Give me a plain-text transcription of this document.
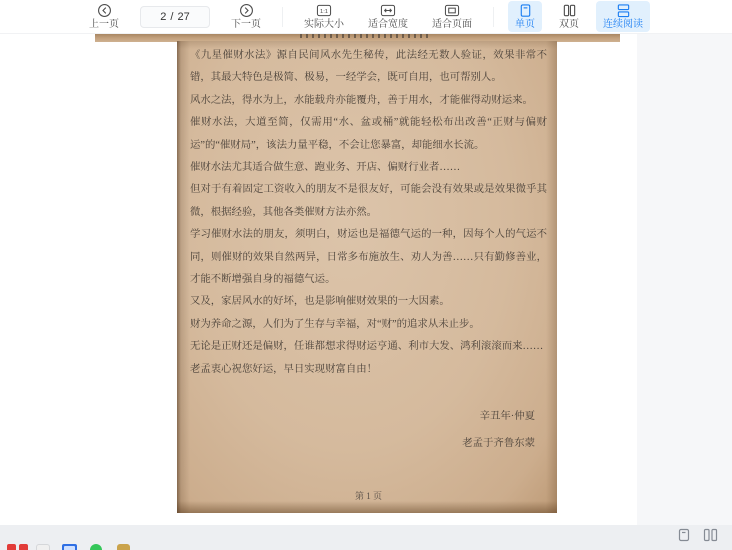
上一页
2 / 27
下一页
1:1
实际大小 适合宽度 适合页面	单页 双页 连续阅读

《九星催财水法》源自民间风水先生秘传，此法经无数人验证，效果非常不错，其最大特色是极简、极易，一经学会，既可自用，也可帮别人。

风水之法，得水为上，水能载舟亦能覆舟，善于用水，才能催得动财运来。

催财水法，大道至简，仅需用“水、盆或桶”就能轻松布出改善“正财与偏财运”的“催财局”，该法力量平稳，不会让您暴富，却能细水长流。

催财水法尤其适合做生意、跑业务、开店、偏财行业者……

但对于有着固定工资收入的朋友不是很友好，可能会没有效果或是效果微乎其微，根据经验，其他各类催财方法亦然。

学习催财水法的朋友，须明白，财运也是福德气运的一种，因每个人的气运不同，则催财的效果自然两异，日常多布施放生、劝人为善……只有勤修善业，才能不断增强自身的福德气运。

又及，家居风水的好坏，也是影响催财效果的一大因素。

财为养命之源，人们为了生存与幸福，对“财”的追求从未止步。

无论是正财还是偏财，任谁都想求得财运亨通、利市大发、鸿利滚滚而来……

老孟衷心祝您好运，早日实现财富自由！

辛丑年·仲夏
老孟于齐鲁东蒙
第 1 页
